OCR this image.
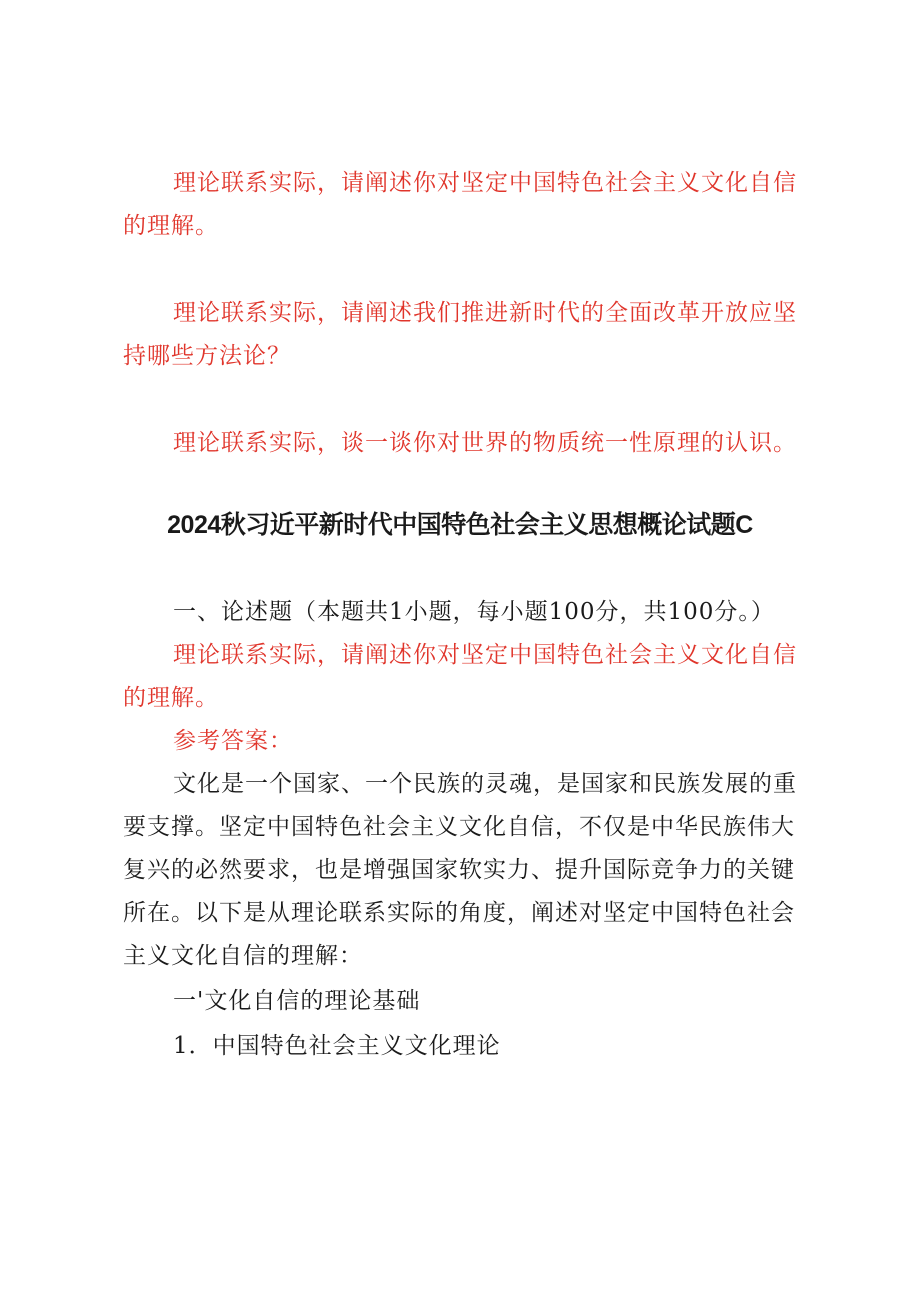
理论联系实际，请阐述你对坚定中国特色社会主义文化自信的理解。

理论联系实际，请阐述我们推进新时代的全面改革开放应坚持哪些方法论？

理论联系实际，谈一谈你对世界的物质统一性原理的认识。

2024秋习近平新时代中国特色社会主义思想概论试题C

一、论述题（本题共1小题，每小题100分，共100分。）

理论联系实际，请阐述你对坚定中国特色社会主义文化自信的理解。

参考答案：

文化是一个国家、一个民族的灵魂，是国家和民族发展的重要支撑。坚定中国特色社会主义文化自信，不仅是中华民族伟大复兴的必然要求，也是增强国家软实力、提升国际竞争力的关键所在。以下是从理论联系实际的角度，阐述对坚定中国特色社会主义文化自信的理解：

一'文化自信的理论基础

1．中国特色社会主义文化理论
